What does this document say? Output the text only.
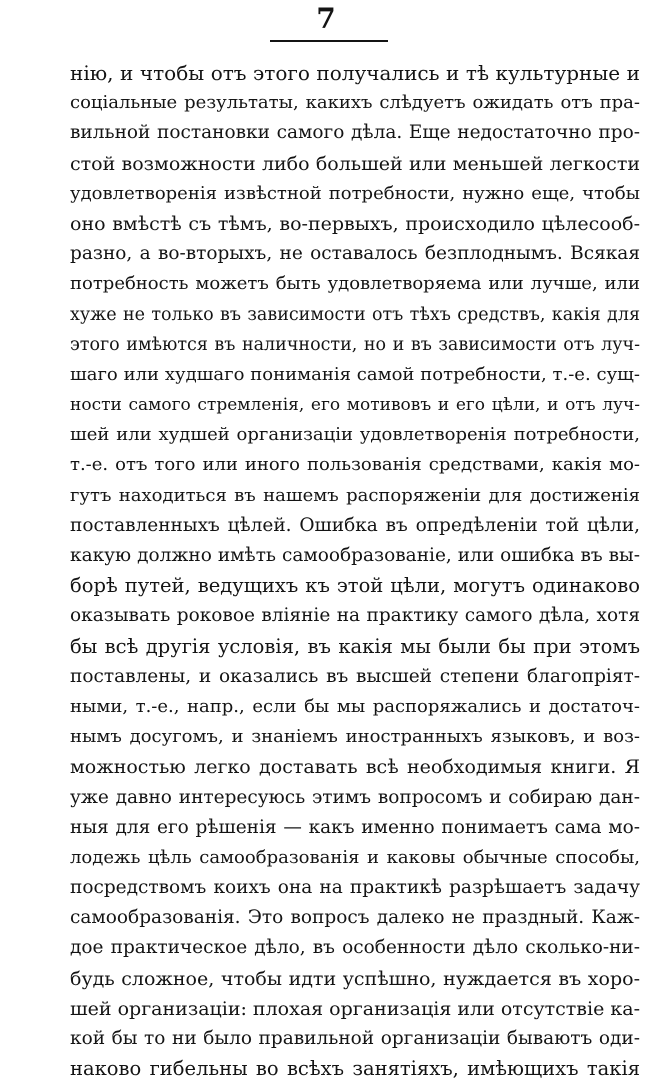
7
нію, и чтобы отъ этого получались и тѣ культурные и
соціальные результаты, какихъ слѣдуетъ ожидать отъ пра-
вильной постановки самого дѣла. Еще недостаточно про-
стой возможности либо большей или меньшей легкости
удовлетворенія извѣстной потребности, нужно еще, чтобы
оно вмѣстѣ съ тѣмъ, во-первыхъ, происходило цѣлесооб-
разно, а во-вторыхъ, не оставалось безплоднымъ. Всякая
потребность можетъ быть удовлетворяема или лучше, или
хуже не только въ зависимости отъ тѣхъ средствъ, какія для
этого имѣются въ наличности, но и въ зависимости отъ луч-
шаго или худшаго пониманія самой потребности, т.-е. сущ-
ности самого стремленія, его мотивовъ и его цѣли, и отъ луч-
шей или худшей организаціи удовлетворенія потребности,
т.-е. отъ того или иного пользованія средствами, какія мо-
гутъ находиться въ нашемъ распоряженіи для достиженія
поставленныхъ цѣлей. Ошибка въ опредѣленіи той цѣли,
какую должно имѣть самообразованіе, или ошибка въ вы-
борѣ путей, ведущихъ къ этой цѣли, могутъ одинаково
оказывать роковое вліяніе на практику самого дѣла, хотя
бы всѣ другія условія, въ какія мы были бы при этомъ
поставлены, и оказались въ высшей степени благопріят-
ными, т.-е., напр., если бы мы распоряжались и достаточ-
нымъ досугомъ, и знаніемъ иностранныхъ языковъ, и воз-
можностью легко доставать всѣ необходимыя книги. Я
уже давно интересуюсь этимъ вопросомъ и собираю дан-
ныя для его рѣшенія — какъ именно понимаетъ сама мо-
лодежь цѣль самообразованія и каковы обычные способы,
посредствомъ коихъ она на практикѣ разрѣшаетъ задачу
самообразованія. Это вопросъ далеко не праздный. Каж-
дое практическое дѣло, въ особенности дѣло сколько-ни-
будь сложное, чтобы идти успѣшно, нуждается въ хоро-
шей организаціи: плохая организація или отсутствіе ка-
кой бы то ни было правильной организаціи бываютъ оди-
наково гибельны во всѣхъ занятіяхъ, имѣющихъ такія
